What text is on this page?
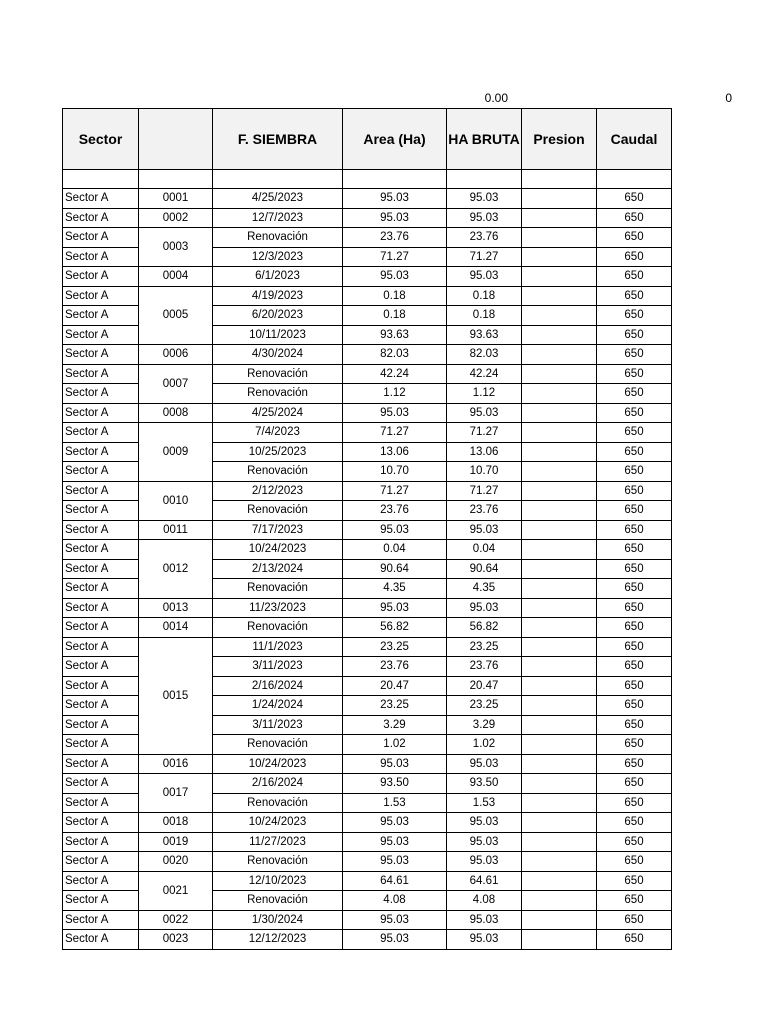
0.00	0
Sector		F. SIEMBRA	Area (Ha)	HA BRUTA	Presion	Caudal

Sector A	0001	4/25/2023	95.03	95.03		650
Sector A	0002	12/7/2023	95.03	95.03		650
Sector A	0003	Renovación	23.76	23.76		650
Sector A		12/3/2023	71.27	71.27		650
Sector A	0004	6/1/2023	95.03	95.03		650
Sector A	0005	4/19/2023	0.18	0.18		650
Sector A		6/20/2023	0.18	0.18		650
Sector A		10/11/2023	93.63	93.63		650
Sector A	0006	4/30/2024	82.03	82.03		650
Sector A	0007	Renovación	42.24	42.24		650
Sector A		Renovación	1.12	1.12		650
Sector A	0008	4/25/2024	95.03	95.03		650
Sector A	0009	7/4/2023	71.27	71.27		650
Sector A		10/25/2023	13.06	13.06		650
Sector A		Renovación	10.70	10.70		650
Sector A	0010	2/12/2023	71.27	71.27		650
Sector A		Renovación	23.76	23.76		650
Sector A	0011	7/17/2023	95.03	95.03		650
Sector A	0012	10/24/2023	0.04	0.04		650
Sector A		2/13/2024	90.64	90.64		650
Sector A		Renovación	4.35	4.35		650
Sector A	0013	11/23/2023	95.03	95.03		650
Sector A	0014	Renovación	56.82	56.82		650
Sector A	0015	11/1/2023	23.25	23.25		650
Sector A		3/11/2023	23.76	23.76		650
Sector A		2/16/2024	20.47	20.47		650
Sector A		1/24/2024	23.25	23.25		650
Sector A		3/11/2023	3.29	3.29		650
Sector A		Renovación	1.02	1.02		650
Sector A	0016	10/24/2023	95.03	95.03		650
Sector A	0017	2/16/2024	93.50	93.50		650
Sector A		Renovación	1.53	1.53		650
Sector A	0018	10/24/2023	95.03	95.03		650
Sector A	0019	11/27/2023	95.03	95.03		650
Sector A	0020	Renovación	95.03	95.03		650
Sector A	0021	12/10/2023	64.61	64.61		650
Sector A		Renovación	4.08	4.08		650
Sector A	0022	1/30/2024	95.03	95.03		650
Sector A	0023	12/12/2023	95.03	95.03		650
